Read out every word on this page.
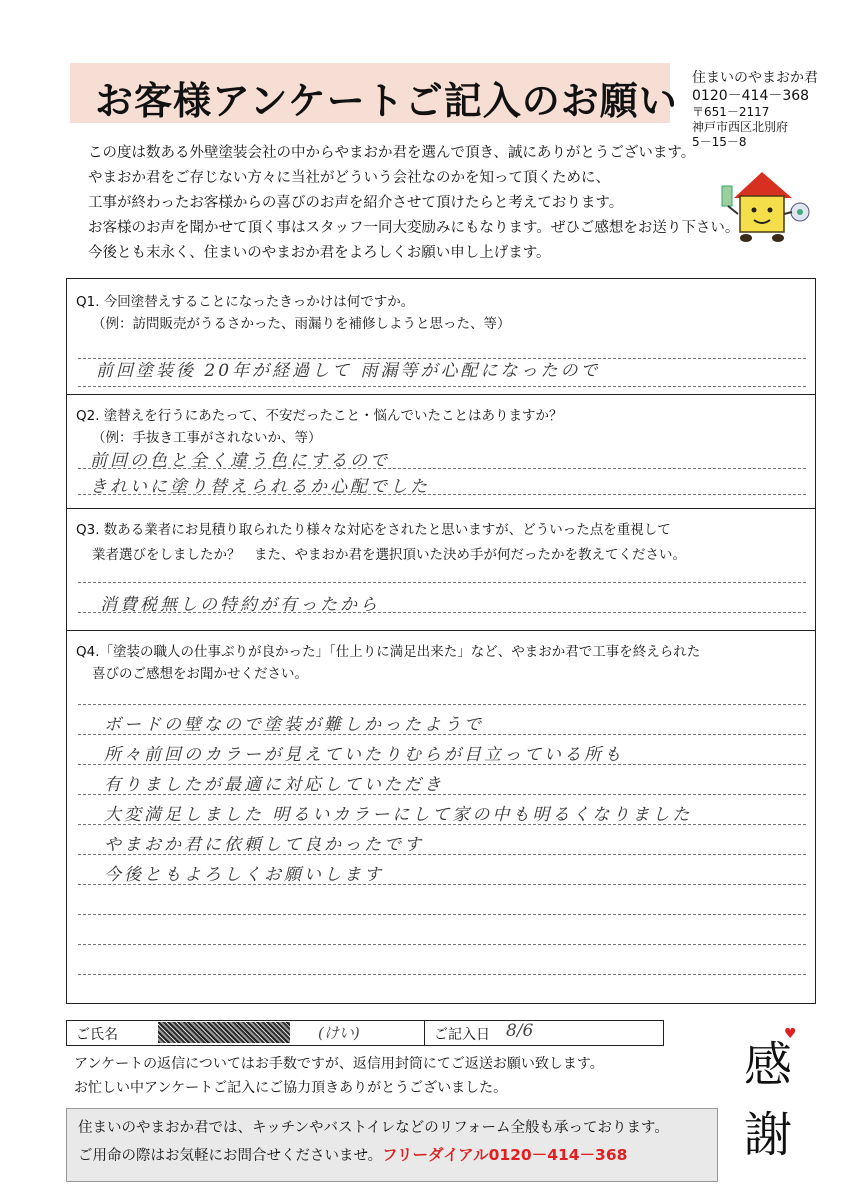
お客様アンケートご記入のお願い
住まいのやまおか君
0120－414－368
〒651－2117
神戸市西区北別府
5－15－8
この度は数ある外壁塗装会社の中からやまおか君を選んで頂き、誠にありがとうございます。
やまおか君をご存じない方々に当社がどういう会社なのかを知って頂くために、
工事が終わったお客様からの喜びのお声を紹介させて頂けたらと考えております。
お客様のお声を聞かせて頂く事はスタッフ一同大変励みにもなります。ぜひご感想をお送り下さい。
今後とも末永く、住まいのやまおか君をよろしくお願い申し上げます。
Q1. 今回塗替えすることになったきっかけは何ですか。
（例：訪問販売がうるさかった、雨漏りを補修しようと思った、等）
前回塗装後 20年が経過して 雨漏等が心配になったので
Q2. 塗替えを行うにあたって、不安だったこと・悩んでいたことはありますか？
（例：手抜き工事がされないか、等）
前回の色と全く違う色にするので
きれいに塗り替えられるか心配でした
Q3. 数ある業者にお見積り取られたり様々な対応をされたと思いますが、どういった点を重視して
業者選びをしましたか？　また、やまおか君を選択頂いた決め手が何だったかを教えてください。
消費税無しの特約が有ったから
Q4.「塗装の職人の仕事ぶりが良かった」「仕上りに満足出来た」など、やまおか君で工事を終えられた
喜びのご感想をお聞かせください。
ボードの壁なので塗装が難しかったようで
所々前回のカラーが見えていたりむらが目立っている所も
有りましたが最適に対応していただき
大変満足しました 明るいカラーにして家の中も明るくなりました
やまおか君に依頼して良かったです
今後ともよろしくお願いします
ご氏名	(けい)	ご記入日 8/6
アンケートの返信についてはお手数ですが、返信用封筒にてご返送お願い致します。
お忙しい中アンケートご記入にご協力頂きありがとうございました。	感
謝
♥
住まいのやまおか君では、キッチンやバストイレなどのリフォーム全般も承っております。
ご用命の際はお気軽にお問合せくださいませ。フリーダイアル0120－414－368
